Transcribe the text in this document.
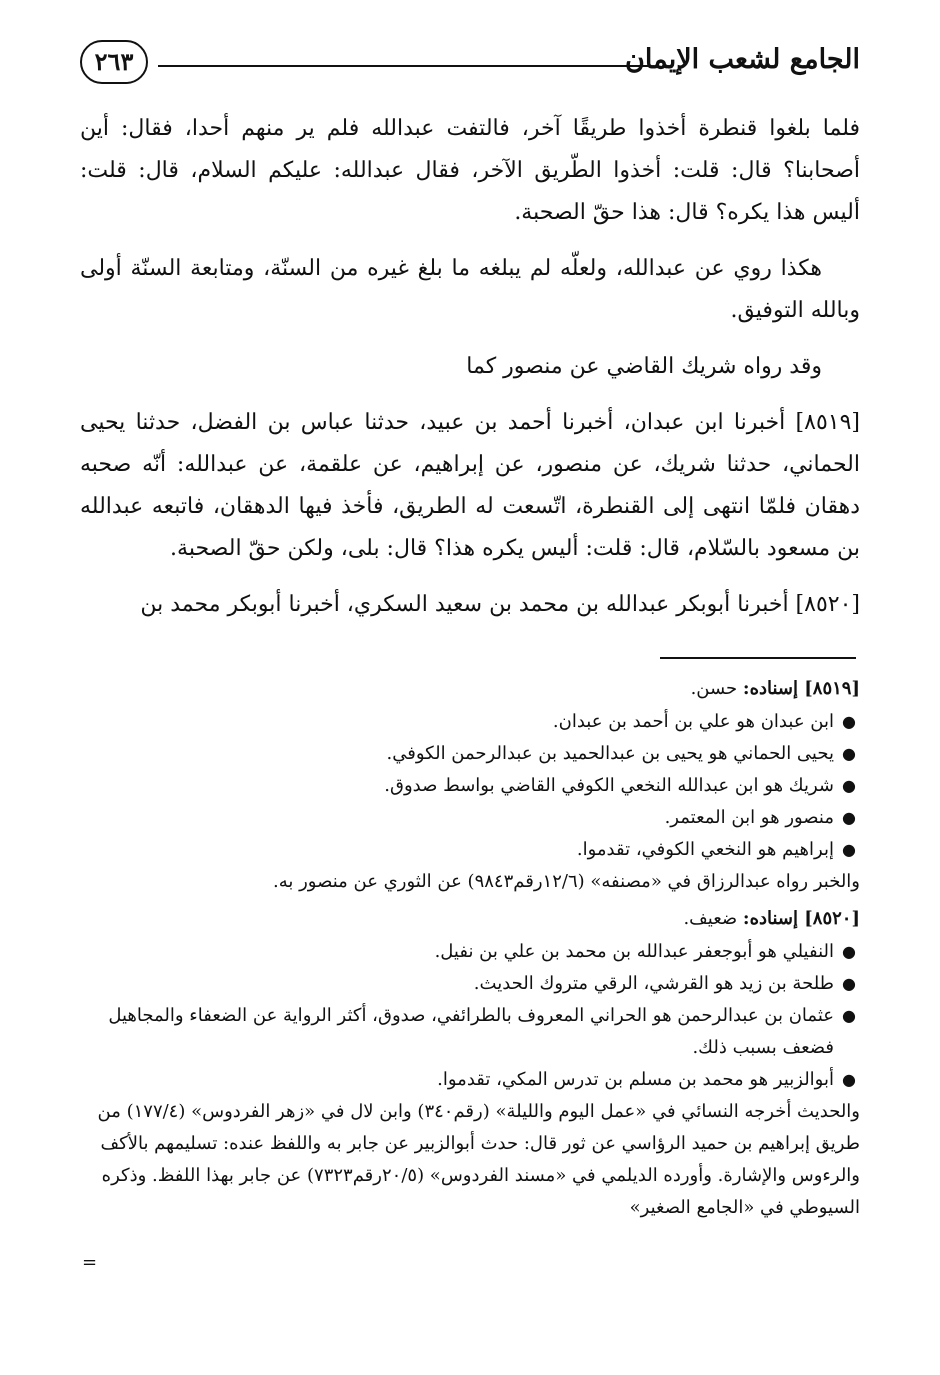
٢٦٣	الجامع لشعب الإيمان

فلما بلغوا قنطرة أخذوا طريقًا آخر، فالتفت عبدالله فلم ير منهم أحدا، فقال: أين أصحابنا؟ قال: قلت: أخذوا الطّريق الآخر، فقال عبدالله: عليكم السلام، قال: قلت: أليس هذا يكره؟ قال: هذا حقّ الصحبة.

هكذا روي عن عبدالله، ولعلّه لم يبلغه ما بلغ غيره من السنّة، ومتابعة السنّة أولى وبالله التوفيق.

وقد رواه شريك القاضي عن منصور كما

[٨٥١٩] أخبرنا ابن عبدان، أخبرنا أحمد بن عبيد، حدثنا عباس بن الفضل، حدثنا يحيى الحماني، حدثنا شريك، عن منصور، عن إبراهيم، عن علقمة، عن عبدالله: أنّه صحبه دهقان فلمّا انتهى إلى القنطرة، اتّسعت له الطريق، فأخذ فيها الدهقان، فاتبعه عبدالله بن مسعود بالسّلام، قال: قلت: أليس يكره هذا؟ قال: بلى، ولكن حقّ الصحبة.

[٨٥٢٠] أخبرنا أبوبكر عبدالله بن محمد بن سعيد السكري، أخبرنا أبوبكر محمد بن

[٨٥١٩] إسناده: حسن.

●
ابن عبدان هو علي بن أحمد بن عبدان.
●
يحيى الحماني هو يحيى بن عبدالحميد بن عبدالرحمن الكوفي.
●
شريك هو ابن عبدالله النخعي الكوفي القاضي بواسط صدوق.
●
منصور هو ابن المعتمر.
●
إبراهيم هو النخعي الكوفي، تقدموا.

والخبر رواه عبدالرزاق في «مصنفه» (١٢/٦رقم٩٨٤٣) عن الثوري عن منصور به.

[٨٥٢٠] إسناده: ضعيف.

●
النفيلي هو أبوجعفر عبدالله بن محمد بن علي بن نفيل.
●
طلحة بن زيد هو القرشي، الرقي متروك الحديث.
●
عثمان بن عبدالرحمن هو الحراني المعروف بالطرائفي، صدوق، أكثر الرواية عن الضعفاء والمجاهيل فضعف بسبب ذلك.
●
أبوالزبير هو محمد بن مسلم بن تدرس المكي، تقدموا.

والحديث أخرجه النسائي في «عمل اليوم والليلة» (رقم٣٤٠) وابن لال في «زهر الفردوس» (١٧٧/٤) من طريق إبراهيم بن حميد الرؤاسي عن ثور قال: حدث أبوالزبير عن جابر به واللفظ عنده: تسليمهم بالأكف والرءوس والإشارة. وأورده الديلمي في «مسند الفردوس» (٢٠/٥رقم٧٣٢٣) عن جابر بهذا اللفظ. وذكره السيوطي في «الجامع الصغير»

=
